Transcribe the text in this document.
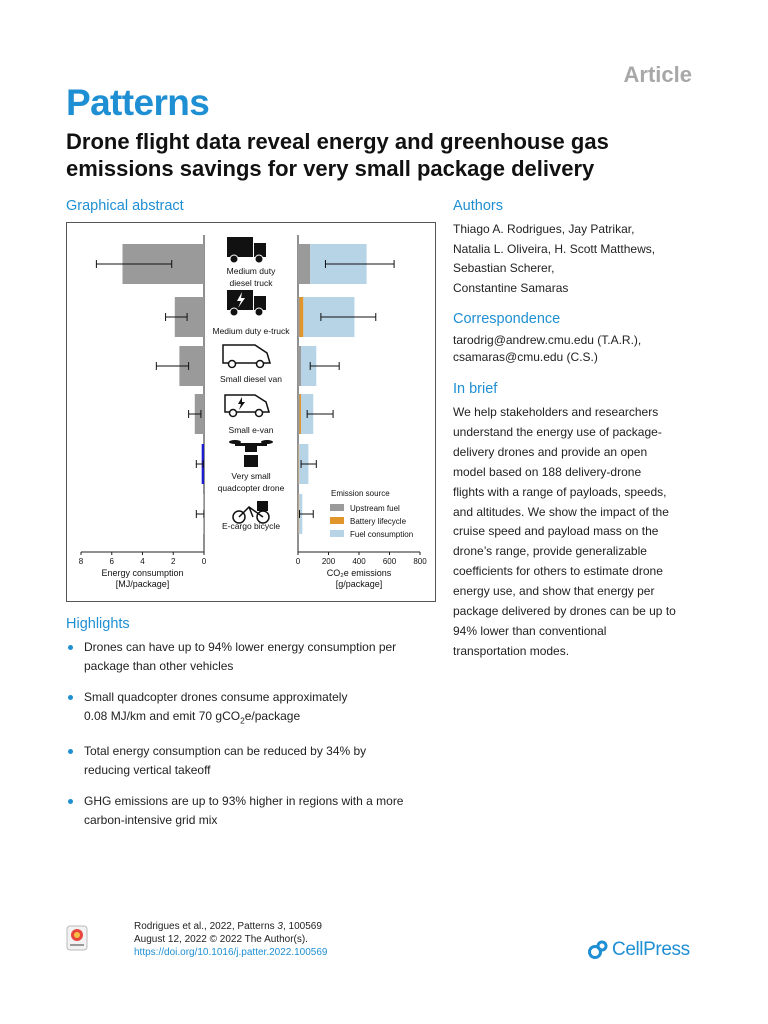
Article
Patterns
Drone flight data reveal energy and greenhouse gas emissions savings for very small package delivery
Graphical abstract
Medium duty
diesel truck
Medium duty e-truck
Small diesel van
Small e-van
Very small
quadcopter drone
E-cargo bicycle
8	6	4	2	0	0	200 400 600 800
Energy consumption
[MJ/package]
CO₂e emissions
[g/package]
Emission source
Upstream fuel
Battery lifecycle
Fuel consumption
Authors
Thiago A. Rodrigues, Jay Patrikar,
Natalia L. Oliveira, H. Scott Matthews,
Sebastian Scherer,
Constantine Samaras
Correspondence
tarodrig@andrew.cmu.edu (T.A.R.),
csamaras@cmu.edu (C.S.)
In brief
We help stakeholders and researchers
understand the energy use of package-
delivery drones and provide an open
model based on 188 delivery-drone
flights with a range of payloads, speeds,
and altitudes. We show the impact of the
cruise speed and payload mass on the
drone’s range, provide generalizable
coefficients for others to estimate drone
energy use, and show that energy per
package delivered by drones can be up to
94% lower than conventional
transportation modes.
Highlights
Drones can have up to 94% lower energy consumption per
package than other vehicles
Small quadcopter drones consume approximately
0.08 MJ/km and emit 70 gCO$_2$e/package
Total energy consumption can be reduced by 34% by
reducing vertical takeoff
GHG emissions are up to 93% higher in regions with a more
carbon-intensive grid mix
Rodrigues et al., 2022, Patterns 3, 100569
August 12, 2022 © 2022 The Author(s).
https://doi.org/10.1016/j.patter.2022.100569	CellPress
